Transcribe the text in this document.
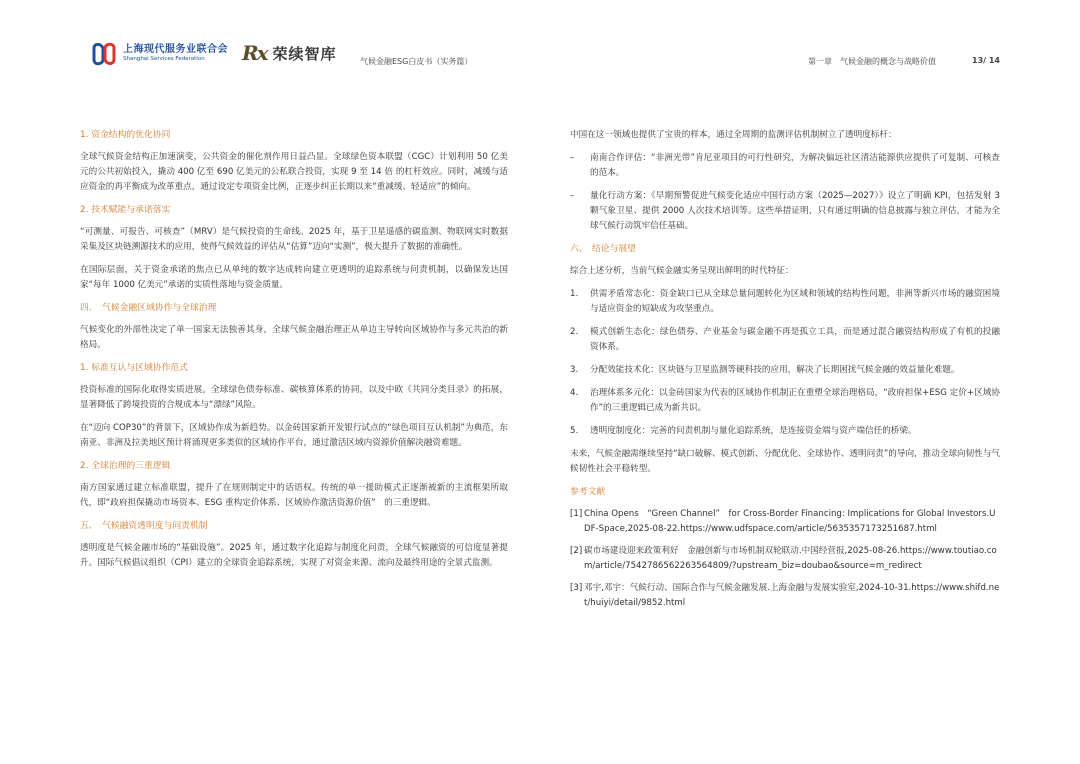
上海现代服务业联合会
Shanghai Services Federation	Rx 荣续智库	气候金融ESG白皮书（实务篇）	第一章　气候金融的概念与战略价值	13/ 14
1. 资金结构的优化协同
全球气候资金结构正加速演变，公共资金的催化剂作用日益凸显。全球绿色资本联盟（CGC）计划利用 50 亿美元的公共初始投入，撬动 400 亿至 690 亿美元的公私联合投资，实现 9 至 14 倍 的杠杆效应。同时，减缓与适应资金的再平衡成为改革重点，通过设定专项资金比例，正逐步纠正长期以来“重减缓、轻适应”的倾向。
2. 技术赋能与承诺落实
“可测量、可报告、可核查”（MRV）是气候投资的生命线。2025 年，基于卫星遥感的碳监测、物联网实时数据采集及区块链溯源技术的应用，使得气候效益的评估从“估算”迈向“实测”，极大提升了数据的准确性。
在国际层面，关于资金承诺的焦点已从单纯的数字达成转向建立更透明的追踪系统与问责机制，以确保发达国家“每年 1000 亿美元”承诺的实质性落地与资金质量。
四、　气候金融区域协作与全球治理
气候变化的外部性决定了单一国家无法独善其身，全球气候金融治理正从单边主导转向区域协作与多元共治的新格局。
1. 标准互认与区域协作范式
投资标准的国际化取得实质进展。全球绿色债券标准、碳核算体系的协同，以及中欧《共同分类目录》的拓展，显著降低了跨境投资的合规成本与“漂绿”风险。
在“迈向 COP30”的背景下，区域协作成为新趋势。以金砖国家新开发银行试点的“绿色项目互认机制”为典范，东南亚、非洲及拉美地区预计将涌现更多类似的区域协作平台，通过激活区域内资源价值解决融资难题。
2. 全球治理的三重逻辑
南方国家通过建立标准联盟，提升了在规则制定中的话语权。传统的单一援助模式正逐渐被新的主流框架所取代，即“政府担保撬动市场资本、ESG 重构定价体系、区域协作激活资源价值”　的三重逻辑。
五、　气候融资透明度与问责机制
透明度是气候金融市场的“基础设施”。2025 年，通过数字化追踪与制度化问责，全球气候融资的可信度显著提升。国际气候倡议组织（CPI）建立的全球资金追踪系统，实现了对资金来源、流向及最终用途的全景式监测。
中国在这一领域也提供了宝贵的样本，通过全周期的监测评估机制树立了透明度标杆：
– 南南合作评估：“非洲光带”肯尼亚项目的可行性研究，为解决偏远社区清洁能源供应提供了可复制、可核查的范本。
– 量化行动方案：《早期预警促进气候变化适应中国行动方案（2025—2027）》设立了明确 KPI，包括发射 3 颗气象卫星、提供 2000 人次技术培训等。这些举措证明，只有通过明确的信息披露与独立评估，才能为全球气候行动筑牢信任基础。
六、　结论与展望
综合上述分析，当前气候金融实务呈现出鲜明的时代特征：
1. 供需矛盾常态化：资金缺口已从全球总量问题转化为区域和领域的结构性问题，非洲等新兴市场的融资困境与适应资金的短缺成为攻坚重点。
2. 模式创新生态化：绿色债券、产业基金与碳金融不再是孤立工具，而是通过混合融资结构形成了有机的投融资体系。
3. 分配效能技术化：区块链与卫星监测等硬科技的应用，解决了长期困扰气候金融的效益量化难题。
4. 治理体系多元化：以金砖国家为代表的区域协作机制正在重塑全球治理格局，“政府担保+ESG 定价+区域协作”的三重逻辑已成为新共识。
5. 透明度制度化：完善的问责机制与量化追踪系统，是连接资金端与资产端信任的桥梁。
未来，气候金融需继续坚持“缺口破解、模式创新、分配优化、全球协作、透明问责”的导向，推动全球向韧性与气候韧性社会平稳转型。
参考文献
[1] China Opens　“Green Channel”　for Cross-Border Financing: Implications for Global Investors.UDF-Space,2025-08-22.https://www.udfspace.com/article/5635357173251687.html
[2] 碳市场建设迎来政策利好　金融创新与市场机制双轮联动.中国经营报,2025-08-26.https://www.toutiao.com/article/7542786562263564809/?upstream_biz=doubao&source=m_redirect
[3] 邓宇,邓宇：气候行动、国际合作与气候金融发展.上海金融与发展实验室,2024-10-31.https://www.shifd.net/huiyi/detail/9852.html
